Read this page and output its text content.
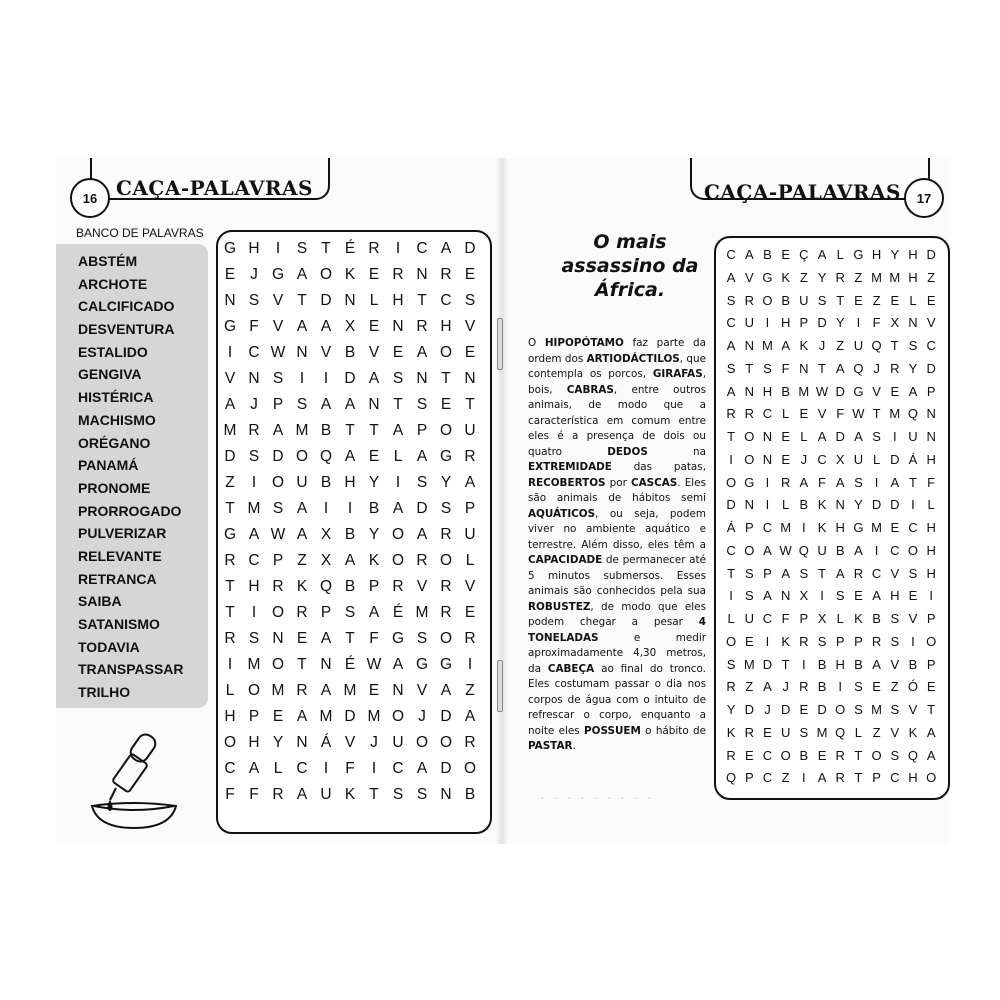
·········
16 CAÇA-PALAVRAS	CAÇA-PALAVRAS	17
BANCO DE PALAVRAS
ABSTÉM
ARCHOTE
CALCIFICADO
DESVENTURA
ESTALIDO
GENGIVA
HISTÉRICA
MACHISMO
ORÉGANO
PANAMÁ
PRONOME
PRORROGADO
PULVERIZAR
RELEVANTE
RETRANCA
SAIBA
SATANISMO
TODAVIA
TRANSPASSAR
TRILHO
G H	I	S T É R	I	C A D
E J G A O K E R N R E
N S V T D N L H T C S
G F V A A X E N R H V
I	C W N V B V E A O E
V N S	I	I	D A S N T N
A J P S A A N T S E T
M R A M B T T A P O U
D S D O Q A E L A G R
Z	I	O U B H Y	I	S Y A
T M S A	I	I	B A D S P
G A W A X B Y O A R U
R C P Z X A K O R O L
T H R K Q B P R V R V
T	I	O R P S A É M R E
R S N E A T F G S O R
I M O T N É W A G G	I
L O M R A M E N V A Z
H P E A M D M O J D A
O H Y N Á V J U O O R
C A L C	I	F	I	C A D O
F F R A U K T S S N B
O mais assassino da África.
O HIPOPÓTAMO faz parte da ordem dos ARTIODÁCTILOS, que contempla os porcos, GIRAFAS, bois, CABRAS, entre outros animais, de modo que a característica em comum entre eles é a presença de dois ou quatro DEDOS na EXTREMIDADE das patas, RECOBERTOS por CASCAS. Eles são animais de hábitos semi AQUÁTICOS, ou seja, podem viver no ambiente aquático e terrestre. Além disso, eles têm a CAPACIDADE de permanecer até 5 minutos submersos. Esses animais são conhecidos pela sua ROBUSTEZ, de modo que eles podem chegar a pesar 4 TONELADAS e medir aproximadamente 4,30 metros, da CABEÇA ao final do tronco. Eles costumam passar o dia nos corpos de água com o intuito de refrescar o corpo, enquanto a noite eles POSSUEM o hábito de PASTAR.
C A B E Ç A L G H Y H D
A V G K Z Y R Z M M H Z
S R O B U S T E Z E L E
C U I H P D Y I F X N V
A N M A K J Z U Q T S C
S T S F N T A Q J R Y D
A N H B M W D G V E A P
R R C L E V F W T M Q N
T O N E L A D A S I U N
I O N E J C X U L D Á H
O G I R A F A S I A T F
D N I L B K N Y D D I L
Á P C M I K H G M E C H
C O A W Q U B A I C O H
T S P A S T A R C V S H
I S A N X I S E A H E I
L U C F P X L K B S V P
O E I K R S P P R S I O
S M D T I B H B A V B P
R Z A J R B I S E Z Ó E
Y D J D E D O S M S V T
K R E U S M Q L Z V K A
R E C O B E R T O S Q A
Q P C Z I A R T P C H O
